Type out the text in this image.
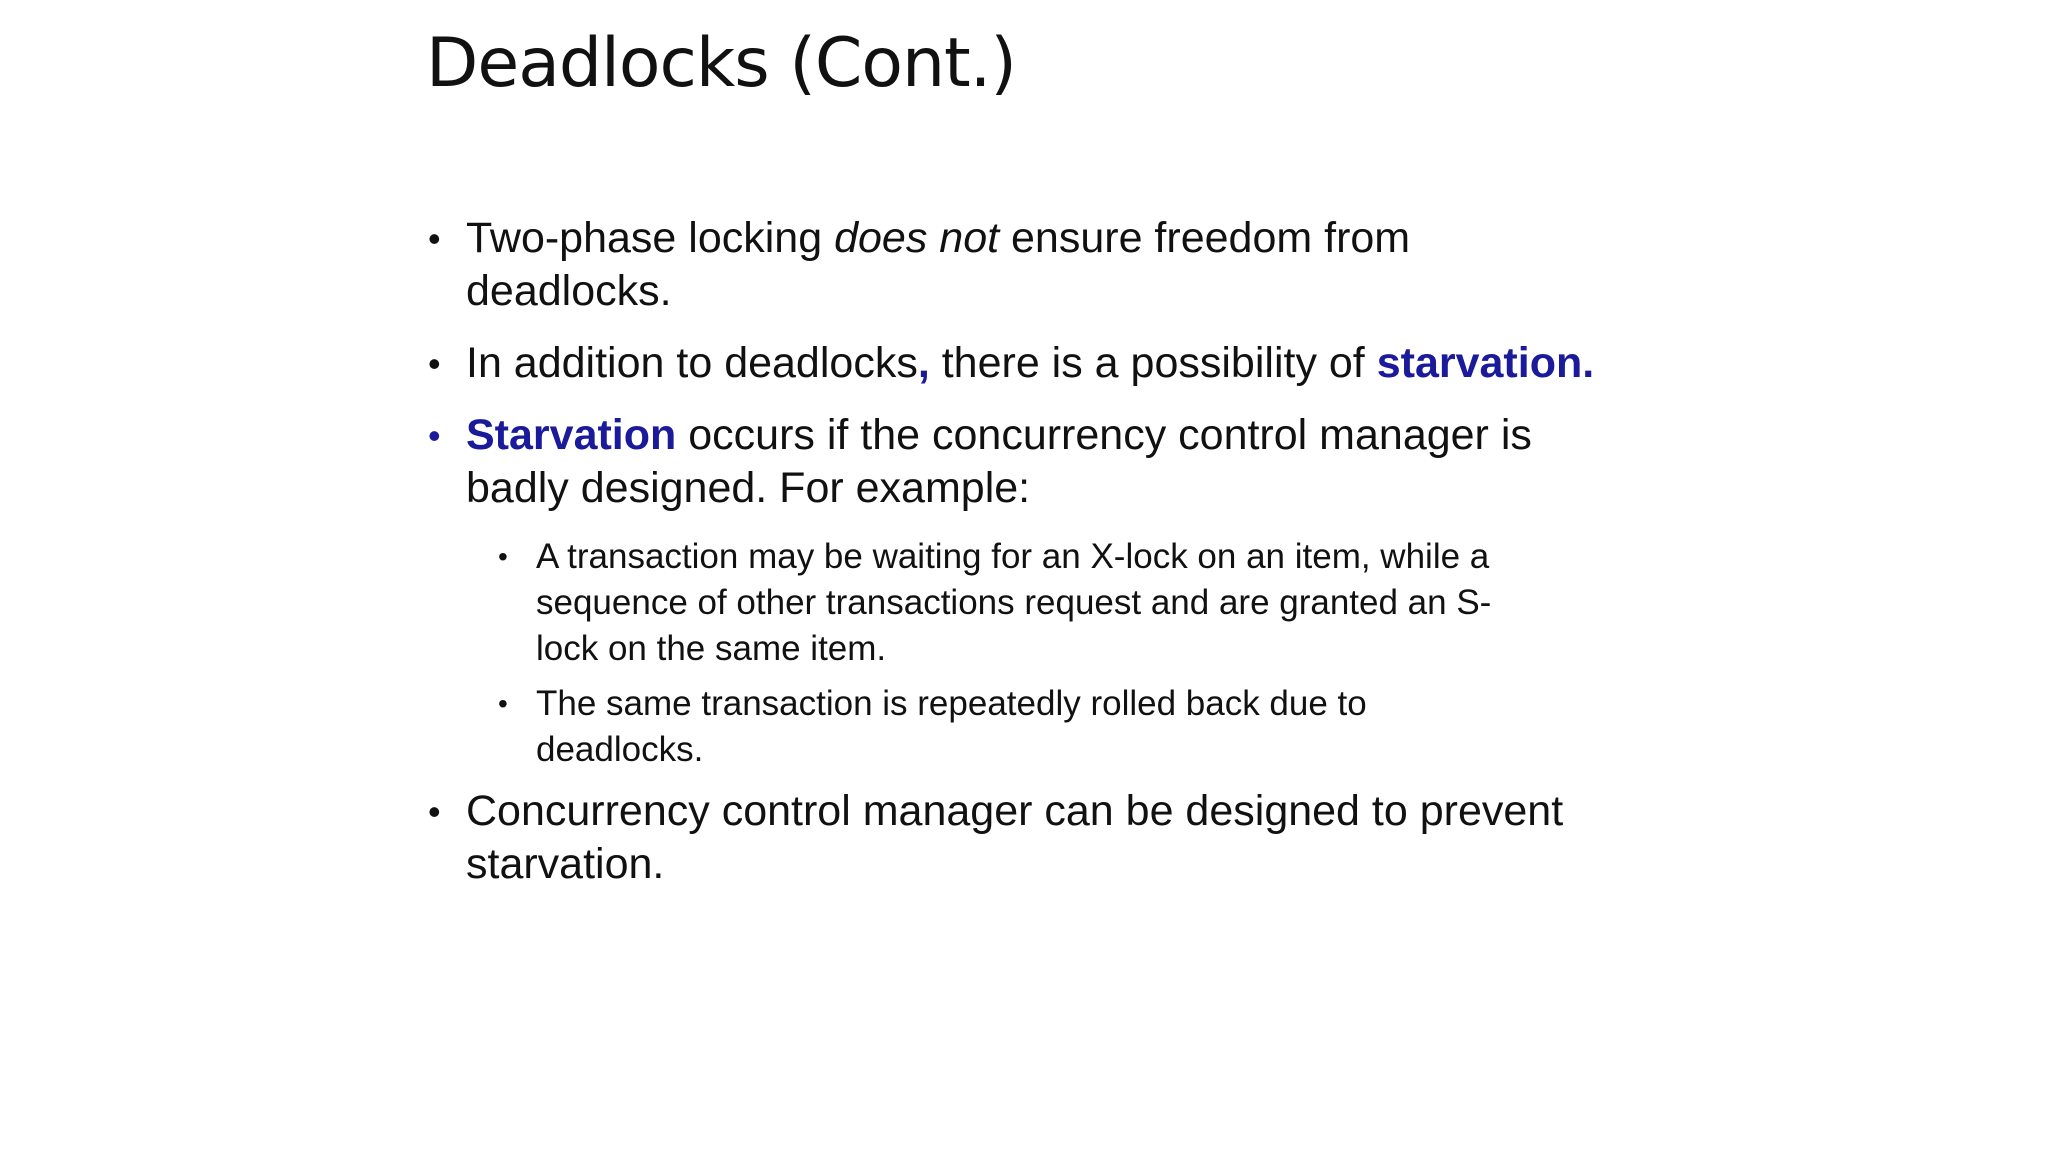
Deadlocks (Cont.)
• Two-phase locking does not ensure freedom from deadlocks.
• In addition to deadlocks, there is a possibility of starvation.
• Starvation occurs if the concurrency control manager is badly designed. For example:
• A transaction may be waiting for an X-lock on an item, while a sequence of other transactions request and are granted an S-lock on the same item.
• The same transaction is repeatedly rolled back due to deadlocks.
• Concurrency control manager can be designed to prevent starvation.
